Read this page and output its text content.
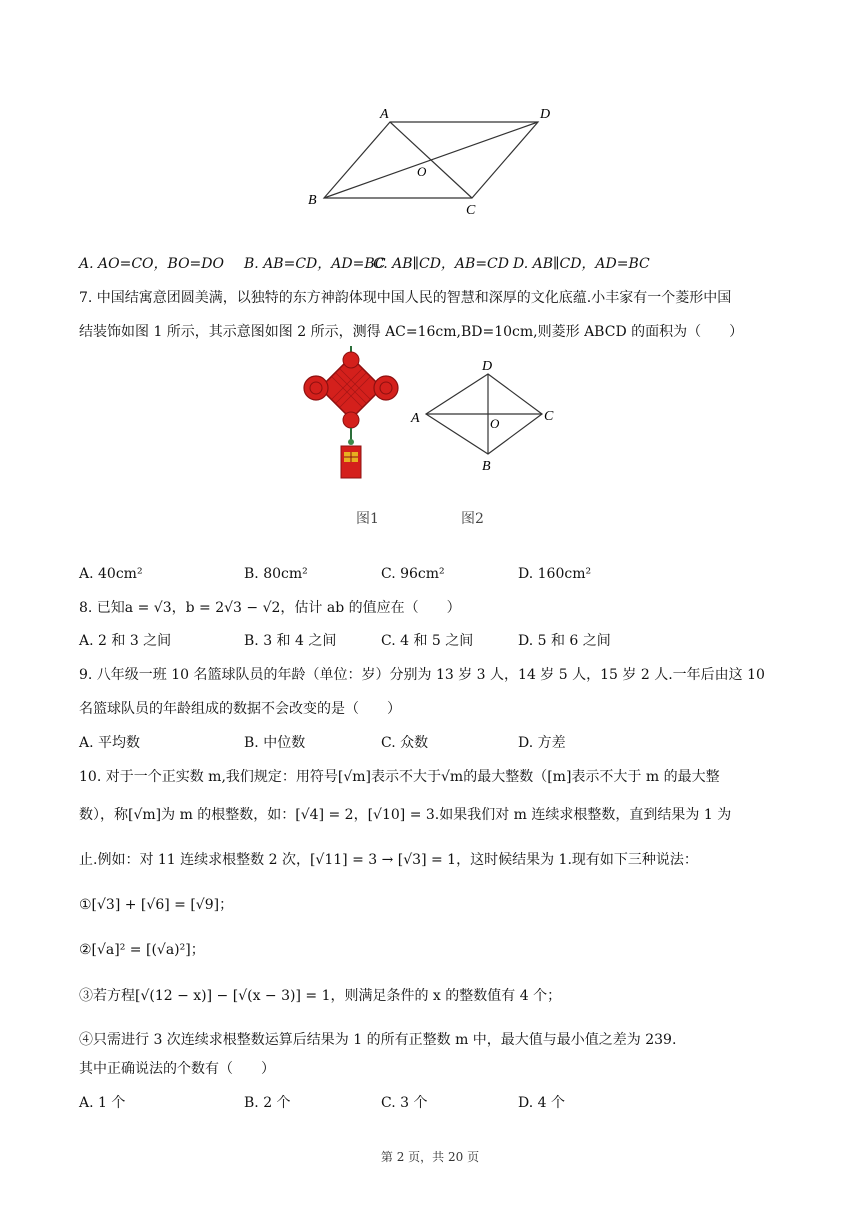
A	D
B
C
O
A. AO=CO，BO=DO B. AB=CD，AD=BC
C. AB∥CD，AB=CD D. AB∥CD，AD=BC
7. 中国结寓意团圆美满，以独特的东方神韵体现中国人民的智慧和深厚的文化底蕴.小丰家有一个菱形中国
结装饰如图 1 所示，其示意图如图 2 所示，测得 AC=16cm,BD=10cm,则菱形 ABCD 的面积为（　　）
A
D
C
B
O
图1	图2
A. 40cm²	B. 80cm²	C. 96cm²	D. 160cm²
8. 已知a = √3，b = 2√3 − √2，估计 ab 的值应在（　　）
A. 2 和 3 之间	B. 3 和 4 之间	C. 4 和 5 之间	D. 5 和 6 之间
9. 八年级一班 10 名篮球队员的年龄（单位：岁）分别为 13 岁 3 人，14 岁 5 人，15 岁 2 人.一年后由这 10
名篮球队员的年龄组成的数据不会改变的是（　　）
A. 平均数	B. 中位数	C. 众数	D. 方差
10. 对于一个正实数 m,我们规定：用符号[√m]表示不大于√m的最大整数（[m]表示不大于 m 的最大整
数），称[√m]为 m 的根整数，如：[√4] = 2，[√10] = 3.如果我们对 m 连续求根整数，直到结果为 1 为
止.例如：对 11 连续求根整数 2 次，[√11] = 3 → [√3] = 1，这时候结果为 1.现有如下三种说法：
①[√3] + [√6] = [√9]；
②[√a]² = [(√a)²]；
③若方程[√(12 − x)] − [√(x − 3)] = 1，则满足条件的 x 的整数值有 4 个；
④只需进行 3 次连续求根整数运算后结果为 1 的所有正整数 m 中，最大值与最小值之差为 239.
其中正确说法的个数有（　　）
A. 1 个	B. 2 个	C. 3 个	D. 4 个
第 2 页，共 20 页
